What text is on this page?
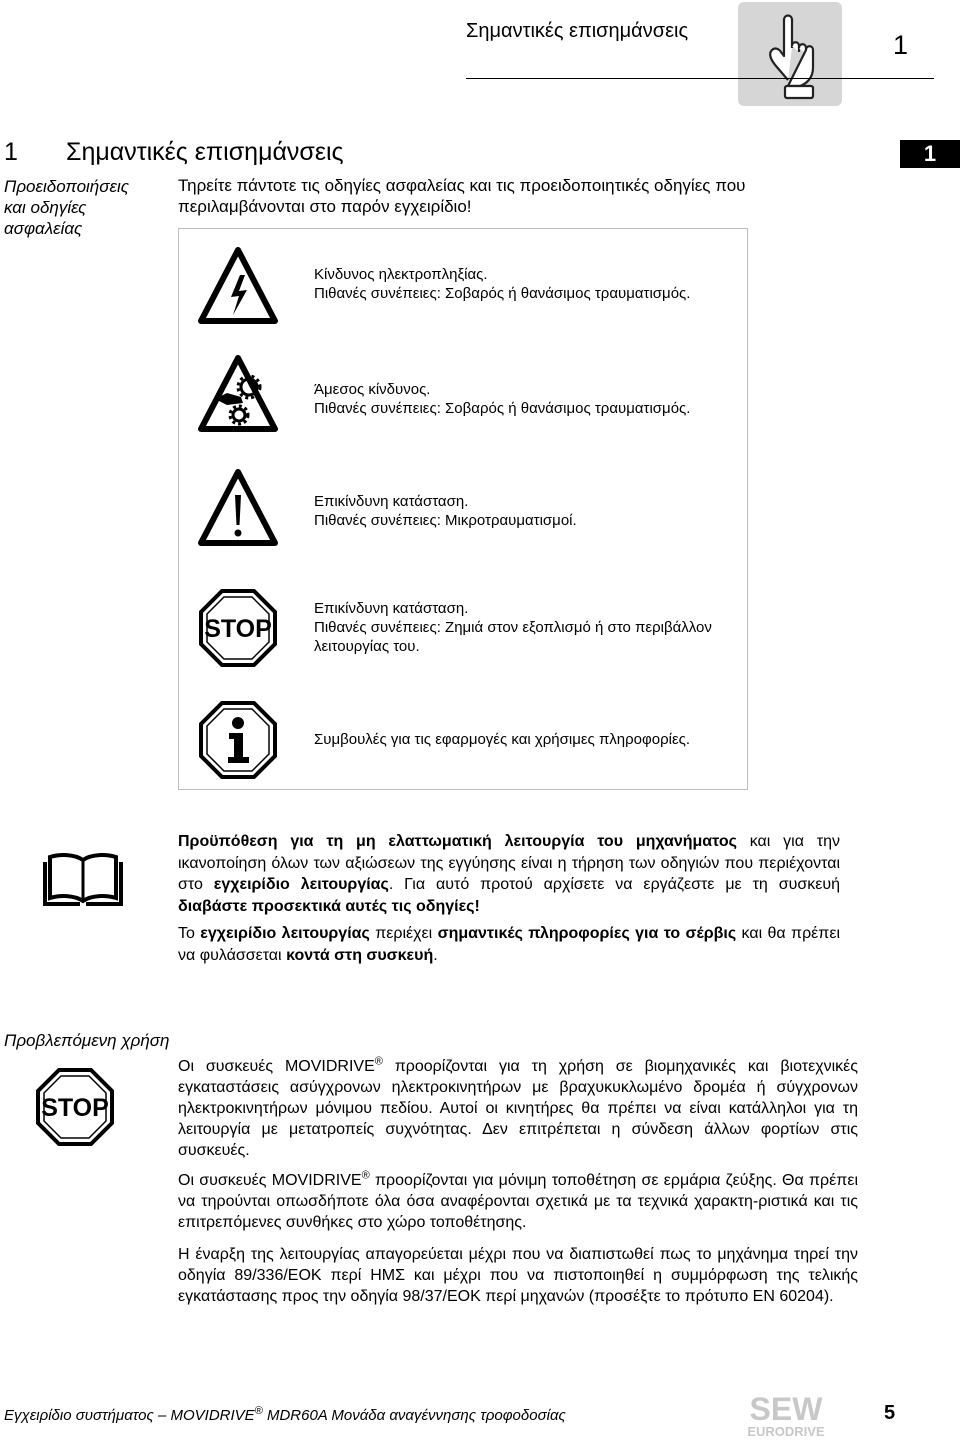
Σημαντικές επισημάνσεις	1
1 Σημαντικές επισημάνσεις	1
Προειδοποιήσεις και οδηγίες ασφαλείας
Τηρείτε πάντοτε τις οδηγίες ασφαλείας και τις προειδοποιητικές οδηγίες που περιλαμβάνονται στο παρόν εγχειρίδιο!
Κίνδυνος ηλεκτροπληξίας.
Πιθανές συνέπειες: Σοβαρός ή θανάσιμος τραυματισμός.
Άμεσος κίνδυνος.
Πιθανές συνέπειες: Σοβαρός ή θανάσιμος τραυματισμός.
Επικίνδυνη κατάσταση.
Πιθανές συνέπειες: Μικροτραυματισμοί.
STOP
Επικίνδυνη κατάσταση.
Πιθανές συνέπειες: Ζημιά στον εξοπλισμό ή στο περιβάλλον λειτουργίας του.
Συμβουλές για τις εφαρμογές και χρήσιμες πληροφορίες.
Προϋπόθεση για τη μη ελαττωματική λειτουργία του μηχανήματος και για την ικανοποίηση όλων των αξιώσεων της εγγύησης είναι η τήρηση των οδηγιών που περιέχονται στο εγχειρίδιο λειτουργίας. Για αυτό προτού αρχίσετε να εργάζεστε με τη συσκευή διαβάστε προσεκτικά αυτές τις οδηγίες!
Το εγχειρίδιο λειτουργίας περιέχει σημαντικές πληροφορίες για το σέρβις και θα πρέπει να φυλάσσεται κοντά στη συσκευή.
Προβλεπόμενη χρήση
STOP
Οι συσκευές MOVIDRIVE® προορίζονται για τη χρήση σε βιομηχανικές και βιοτεχνικές εγκαταστάσεις ασύγχρονων ηλεκτροκινητήρων με βραχυκυκλωμένο δρομέα ή σύγχρονων ηλεκτροκινητήρων μόνιμου πεδίου. Αυτοί οι κινητήρες θα πρέπει να είναι κατάλληλοι για τη λειτουργία με μετατροπείς συχνότητας. Δεν επιτρέπεται η σύνδεση άλλων φορτίων στις συσκευές.
Οι συσκευές MOVIDRIVE® προορίζονται για μόνιμη τοποθέτηση σε ερμάρια ζεύξης. Θα πρέπει να τηρούνται οπωσδήποτε όλα όσα αναφέρονται σχετικά με τα τεχνικά χαρακτη-ριστικά και τις επιτρεπόμενες συνθήκες στο χώρο τοποθέτησης.
Η έναρξη της λειτουργίας απαγορεύεται μέχρι που να διαπιστωθεί πως το μηχάνημα τηρεί την οδηγία 89/336/ΕΟΚ περί ΗΜΣ και μέχρι που να πιστοποιηθεί η συμμόρφωση της τελικής εγκατάστασης προς την οδηγία 98/37/ΕΟΚ περί μηχανών (προσέξτε το πρότυπο EN 60204).
Εγχειρίδιο συστήματος – MOVIDRIVE® MDR60A Μονάδα αναγέννησης τροφοδοσίας	SEW
EURODRIVE
5
